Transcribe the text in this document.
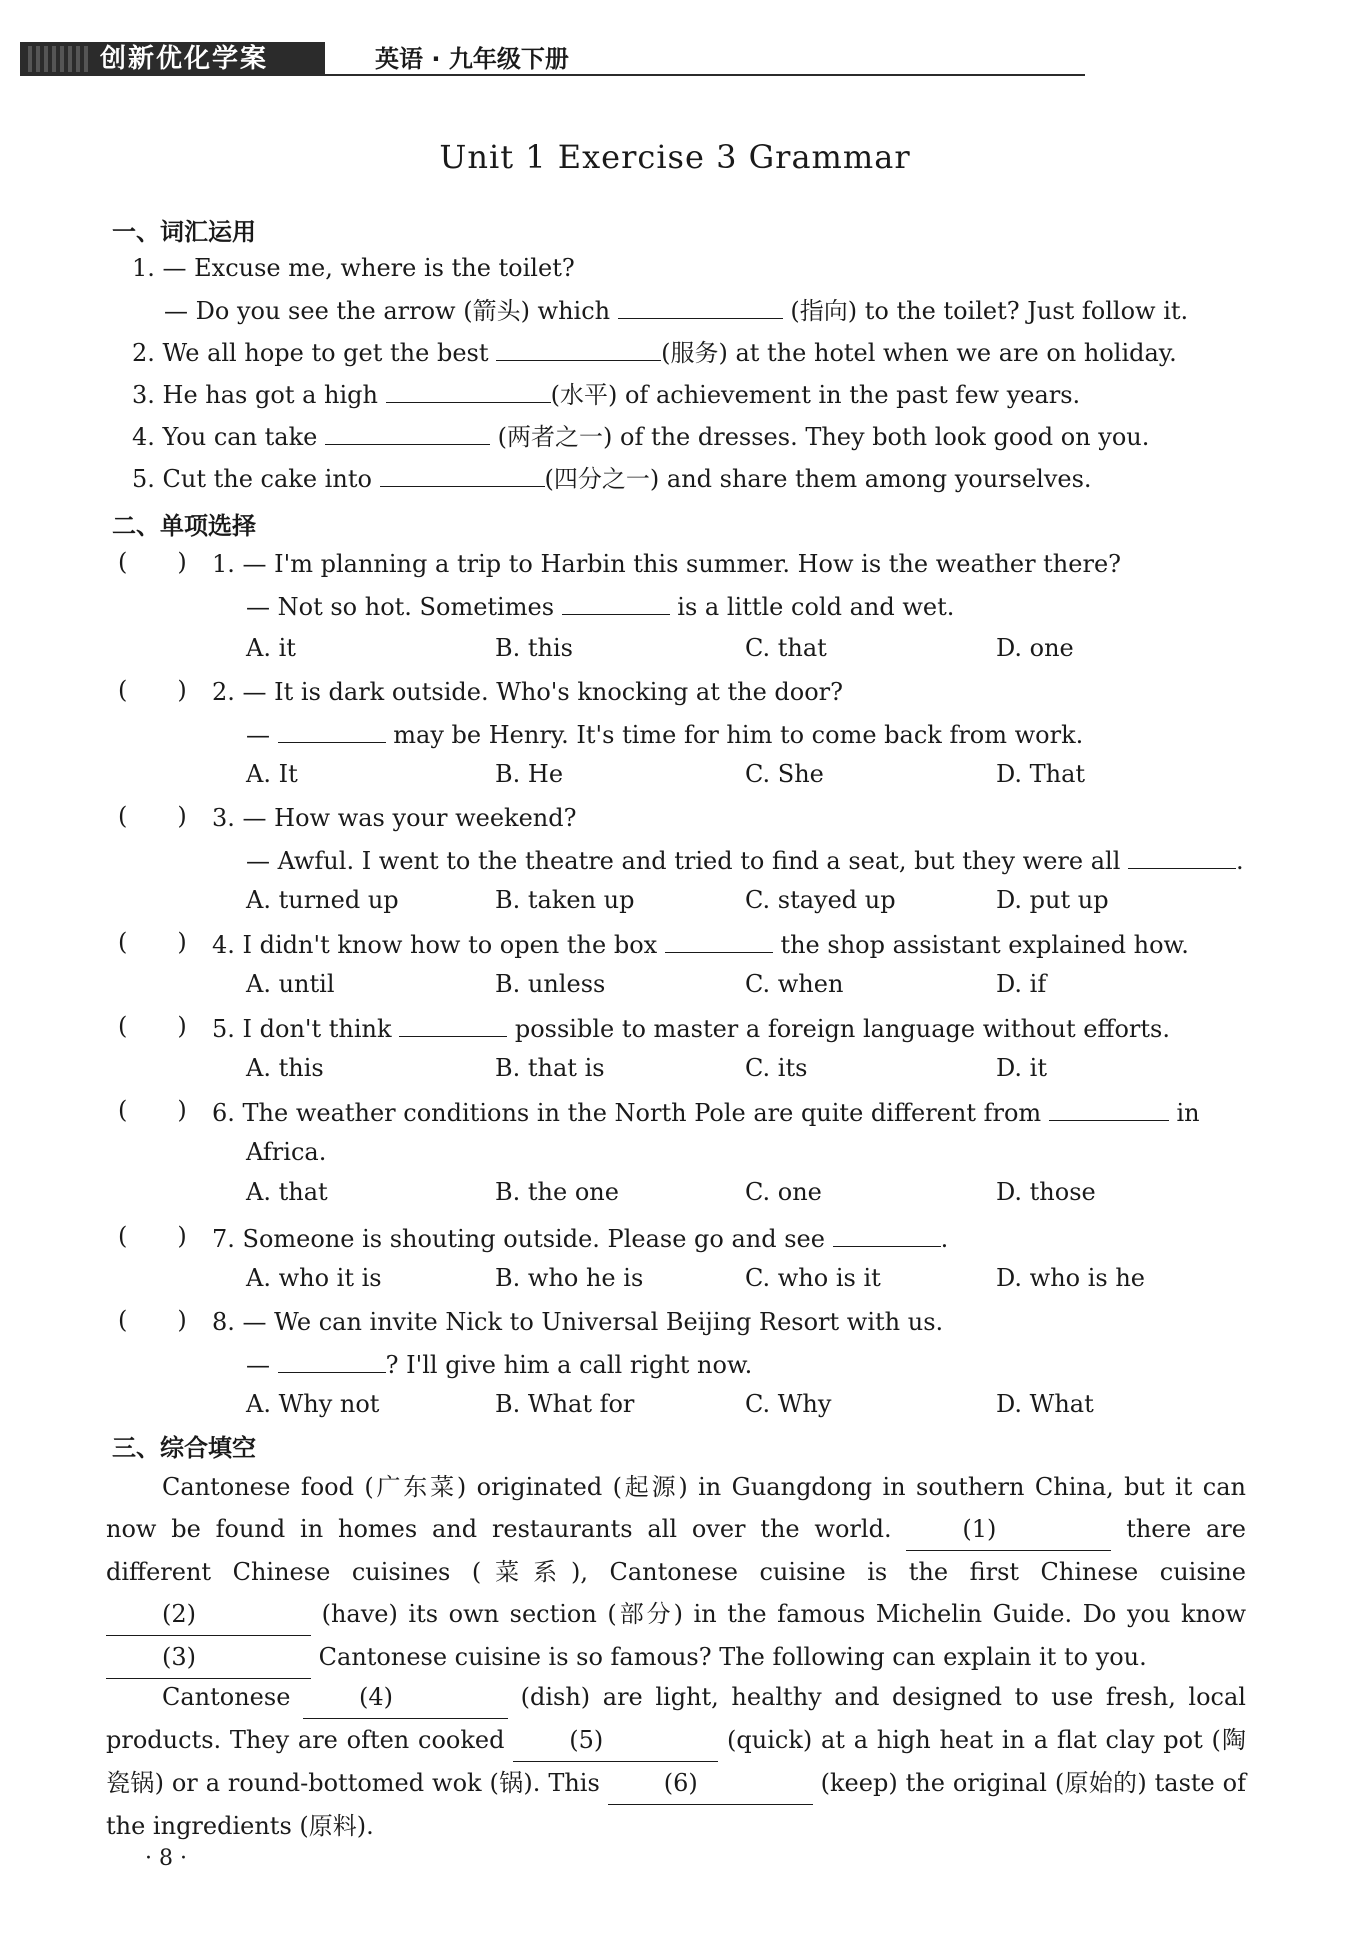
创新优化学案	英语 · 九年级下册
Unit 1 Exercise 3 Grammar
一、词汇运用
1. — Excuse me, where is the toilet?
— Do you see the arrow (箭头) which	(指向) to the toilet? Just follow it.
2. We all hope to get the best	(服务) at the hotel when we are on holiday.
3. He has got a high	(水平) of achievement in the past few years.
4. You can take	(两者之一) of the dresses. They both look good on you.
5. Cut the cake into	(四分之一) and share them among yourselves.
二、单项选择
( ) 1. — I'm planning a trip to Harbin this summer. How is the weather there?
— Not so hot. Sometimes	is a little cold and wet.
A. it	B. this	C. that	D. one
( ) 2. — It is dark outside. Who's knocking at the door?
—	may be Henry. It's time for him to come back from work.
A. It	B. He	C. She	D. That
( ) 3. — How was your weekend?
— Awful. I went to the theatre and tried to find a seat, but they were all	.
A. turned up	B. taken up	C. stayed up	D. put up
( ) 4. I didn't know how to open the box	the shop assistant explained how.
A. until	B. unless	C. when	D. if
( ) 5. I don't think	possible to master a foreign language without efforts.
A. this	B. that is	C. its	D. it
( ) 6. The weather conditions in the North Pole are quite different from	in
Africa.
A. that	B. the one	C. one	D. those
( ) 7. Someone is shouting outside. Please go and see	.
A. who it is	B. who he is	C. who is it	D. who is he
( ) 8. — We can invite Nick to Universal Beijing Resort with us.
—	? I'll give him a call right now.
A. Why not	B. What for	C. Why	D. What
三、综合填空
Cantonese food (广东菜) originated (起源) in Guangdong in southern China, but it can now be found in homes and restaurants all over the world.	(1)	there are different Chinese cuisines (菜系), Cantonese cuisine is the first Chinese cuisine (2)	(have) its own section (部分) in the famous Michelin Guide. Do you know (3)	Cantonese cuisine is so famous? The following can explain it to you.
Cantonese	(4)	(dish) are light, healthy and designed to use fresh, local products. They are often cooked	(5)	(quick) at a high heat in a flat clay pot (陶瓷锅) or a round-bottomed wok (锅). This	(6)	(keep) the original (原始的) taste of the ingredients (原料).
· 8 ·
